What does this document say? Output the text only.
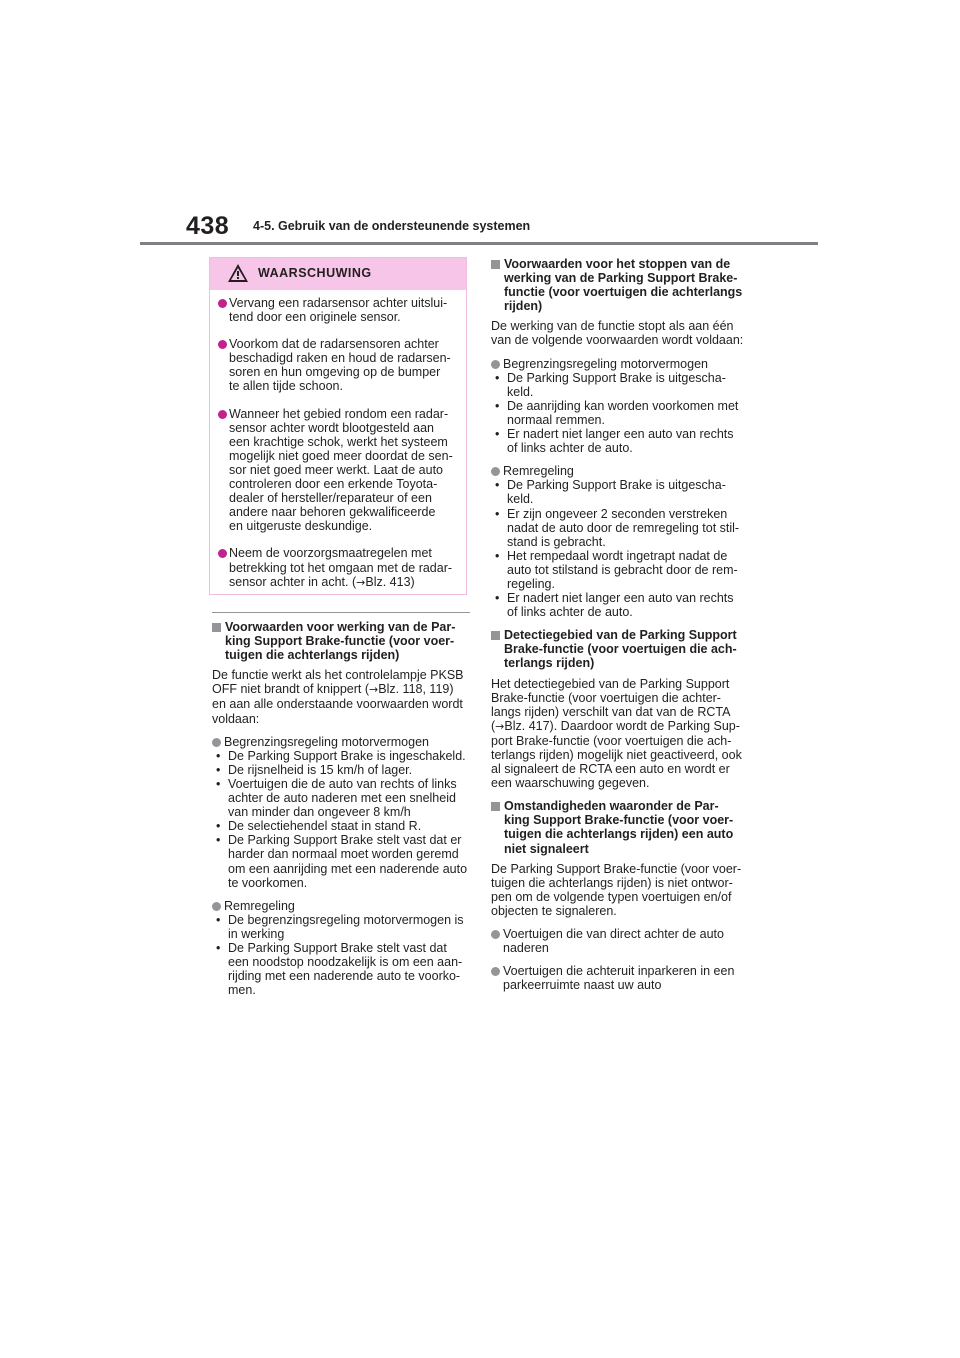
438 4-5. Gebruik van de ondersteunende systemen
WAARSCHUWING
Vervang een radarsensor achter uitslui-
tend door een originele sensor.
Voorkom dat de radarsensoren achter
beschadigd raken en houd de radarsen-
soren en hun omgeving op de bumper
te allen tijde schoon.
Wanneer het gebied rondom een radar-
sensor achter wordt blootgesteld aan
een krachtige schok, werkt het systeem
mogelijk niet goed meer doordat de sen-
sor niet goed meer werkt. Laat de auto
controleren door een erkende Toyota-
dealer of hersteller/reparateur of een
andere naar behoren gekwalificeerde
en uitgeruste deskundige.
Neem de voorzorgsmaatregelen met
betrekking tot het omgaan met de radar-
sensor achter in acht. (→Blz. 413)
Voorwaarden voor werking van de Par-
king Support Brake-functie (voor voer-
tuigen die achterlangs rijden)

De functie werkt als het controlelampje PKSB
OFF niet brandt of knippert (→Blz. 118, 119)
en aan alle onderstaande voorwaarden wordt
voldaan:

Begrenzingsregeling motorvermogen
• De Parking Support Brake is ingeschakeld.
• De rijsnelheid is 15 km/h of lager.
• Voertuigen die de auto van rechts of links
achter de auto naderen met een snelheid
van minder dan ongeveer 8 km/h
• De selectiehendel staat in stand R.
• De Parking Support Brake stelt vast dat er
harder dan normaal moet worden geremd
om een aanrijding met een naderende auto
te voorkomen.
Remregeling
• De begrenzingsregeling motorvermogen is
in werking
• De Parking Support Brake stelt vast dat
een noodstop noodzakelijk is om een aan-
rijding met een naderende auto te voorko-
men.
Voorwaarden voor het stoppen van de
werking van de Parking Support Brake-
functie (voor voertuigen die achterlangs
rijden)

De werking van de functie stopt als aan één
van de volgende voorwaarden wordt voldaan:

Begrenzingsregeling motorvermogen
• De Parking Support Brake is uitgescha-
keld.
• De aanrijding kan worden voorkomen met
normaal remmen.
• Er nadert niet langer een auto van rechts
of links achter de auto.
Remregeling
• De Parking Support Brake is uitgescha-
keld.
• Er zijn ongeveer 2 seconden verstreken
nadat de auto door de remregeling tot stil-
stand is gebracht.
• Het rempedaal wordt ingetrapt nadat de
auto tot stilstand is gebracht door de rem-
regeling.
• Er nadert niet langer een auto van rechts
of links achter de auto.
Detectiegebied van de Parking Support
Brake-functie (voor voertuigen die ach-
terlangs rijden)

Het detectiegebied van de Parking Support
Brake-functie (voor voertuigen die achter-
langs rijden) verschilt van dat van de RCTA
(→Blz. 417). Daardoor wordt de Parking Sup-
port Brake-functie (voor voertuigen die ach-
terlangs rijden) mogelijk niet geactiveerd, ook
al signaleert de RCTA een auto en wordt er
een waarschuwing gegeven.

Omstandigheden waaronder de Par-
king Support Brake-functie (voor voer-
tuigen die achterlangs rijden) een auto
niet signaleert

De Parking Support Brake-functie (voor voer-
tuigen die achterlangs rijden) is niet ontwor-
pen om de volgende typen voertuigen en/of
objecten te signaleren.

Voertuigen die van direct achter de auto
naderen
Voertuigen die achteruit inparkeren in een
parkeerruimte naast uw auto
